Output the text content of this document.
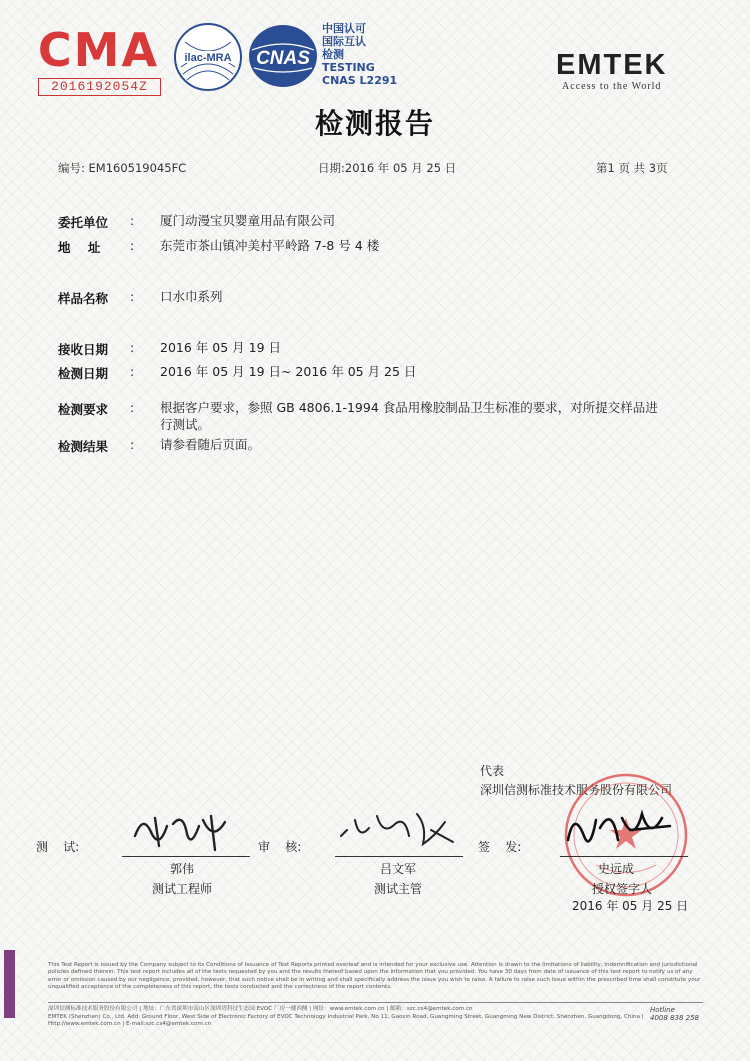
CMA
2016192054Z
ilac-MRA CNAS
中国认可
国际互认
检测
TESTING
CNAS L2291	EMTEK
Access to the World
检测报告
编号: EM160519045FC	日期:2016 年 05 月 25 日	第1 页 共 3页
委托单位 : 厦门动漫宝贝婴童用品有限公司
地    址 : 东莞市茶山镇冲美村平岭路 7-8 号 4 楼
样品名称 : 口水巾系列
接收日期 : 2016 年 05 月 19 日
检测日期 : 2016 年 05 月 19 日~ 2016 年 05 月 25 日
检测要求 : 根据客户要求，参照 GB 4806.1-1994 食品用橡胶制品卫生标准的要求，对所提交样品进
行测试。
检测结果 : 请参看随后页面。
代表
深圳信测标准技术服务股份有限公司
测    试:
郭伟
测试工程师
审    核:
吕文军
测试主管
签    发:
史远成
授权签字人
2016 年 05 月 25 日
This Test Report is issued by the Company subject to its Conditions of Issuance of Test Reports printed overleaf and is intended for your exclusive use. Attention is drawn to the limitations of liability, indemnification and jurisdictional policies defined therein. This test report includes all of the tests requested by you and the results thereof based upon the information that you provided. You have 30 days from date of issuance of this test report to notify us of any error or omission caused by our negligence, provided, however, that such notice shall be in writing and shall specifically address the issue you wish to raise. A failure to raise such issue within the prescribed time shall constitute your unqualified acceptance of the completeness of this report, the tests conducted and the correctness of the report contents.
深圳信测标准技术服务股份有限公司 | 地址：广东省深圳市南山区深圳湾科技生态园 EVOC 厂房一楼西侧 | 网址：www.emtek.com.cn | 邮箱：szc.cs4@emtek.com.cn
EMTEK (Shenzhen) Co., Ltd. Add: Ground Floor, West Side of Electronic Factory of EVOC Technology Industrial Park, No 11, Gaoxin Road, Guangming Street, Guangming New District, Shenzhen, Guangdong, China | Http://www.emtek.com.cn | E-mail:szc.cs4@emtek.com.cn
Hotline
4008 838 258
